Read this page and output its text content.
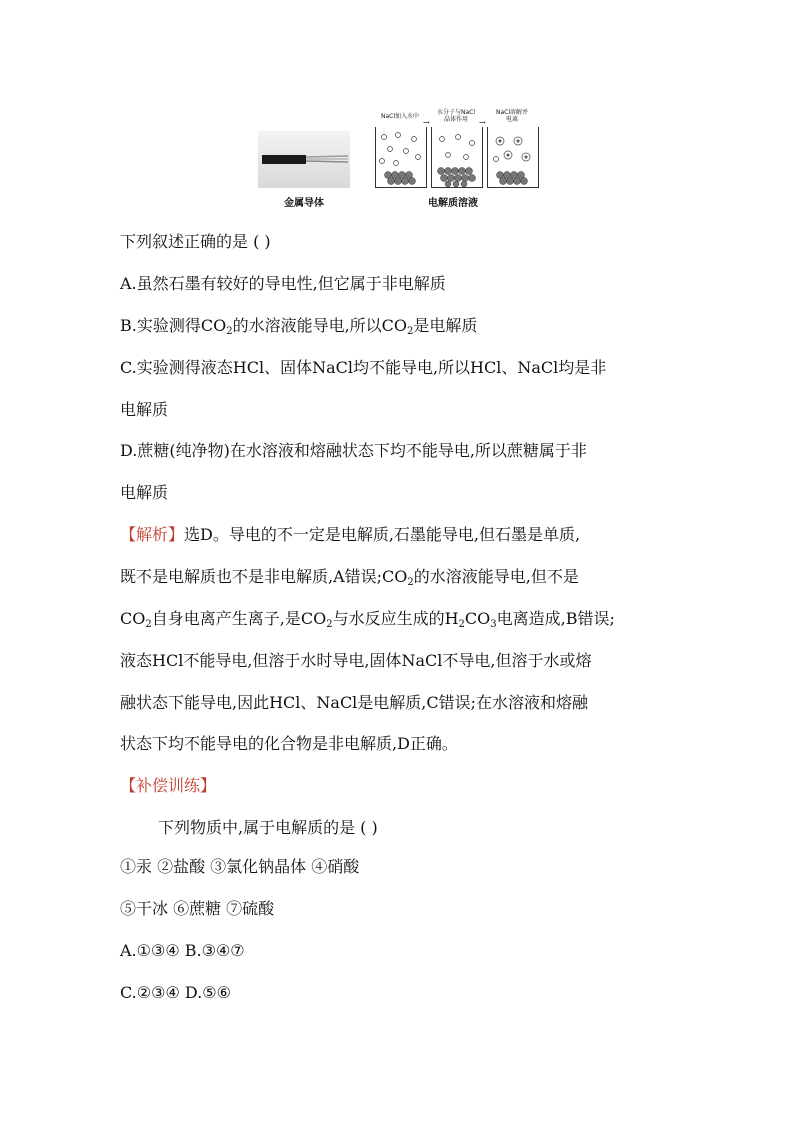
金属导体
NaCl加入水中
水分子与NaCl
晶体作用
NaCl溶解并
电离
→	→
电解质溶液
下列叙述正确的是 ( )
A.虽然石墨有较好的导电性,但它属于非电解质
B.实验测得$CO_2$的水溶液能导电,所以$CO_2$是电解质
C.实验测得液态HCl、固体NaCl均不能导电,所以HCl、NaCl均是非
电解质
D.蔗糖(纯净物)在水溶液和熔融状态下均不能导电,所以蔗糖属于非
电解质
【解析】选D。导电的不一定是电解质,石墨能导电,但石墨是单质,
既不是电解质也不是非电解质,A错误$;CO_2$的水溶液能导电,但不是
$CO_2$自身电离产生离子,是$CO_2$与水反应生成的$H_2CO_3$电离造成,B错误;
液态HCl不能导电,但溶于水时导电,固体NaCl不导电,但溶于水或熔
融状态下能导电,因此HCl、NaCl是电解质,C错误;在水溶液和熔融
状态下均不能导电的化合物是非电解质,D正确。
【补偿训练】
下列物质中,属于电解质的是 ( )
①汞 ②盐酸 ③氯化钠晶体 ④硝酸
⑤干冰 ⑥蔗糖 ⑦硫酸
A.①③④ B.③④⑦
C.②③④ D.⑤⑥
